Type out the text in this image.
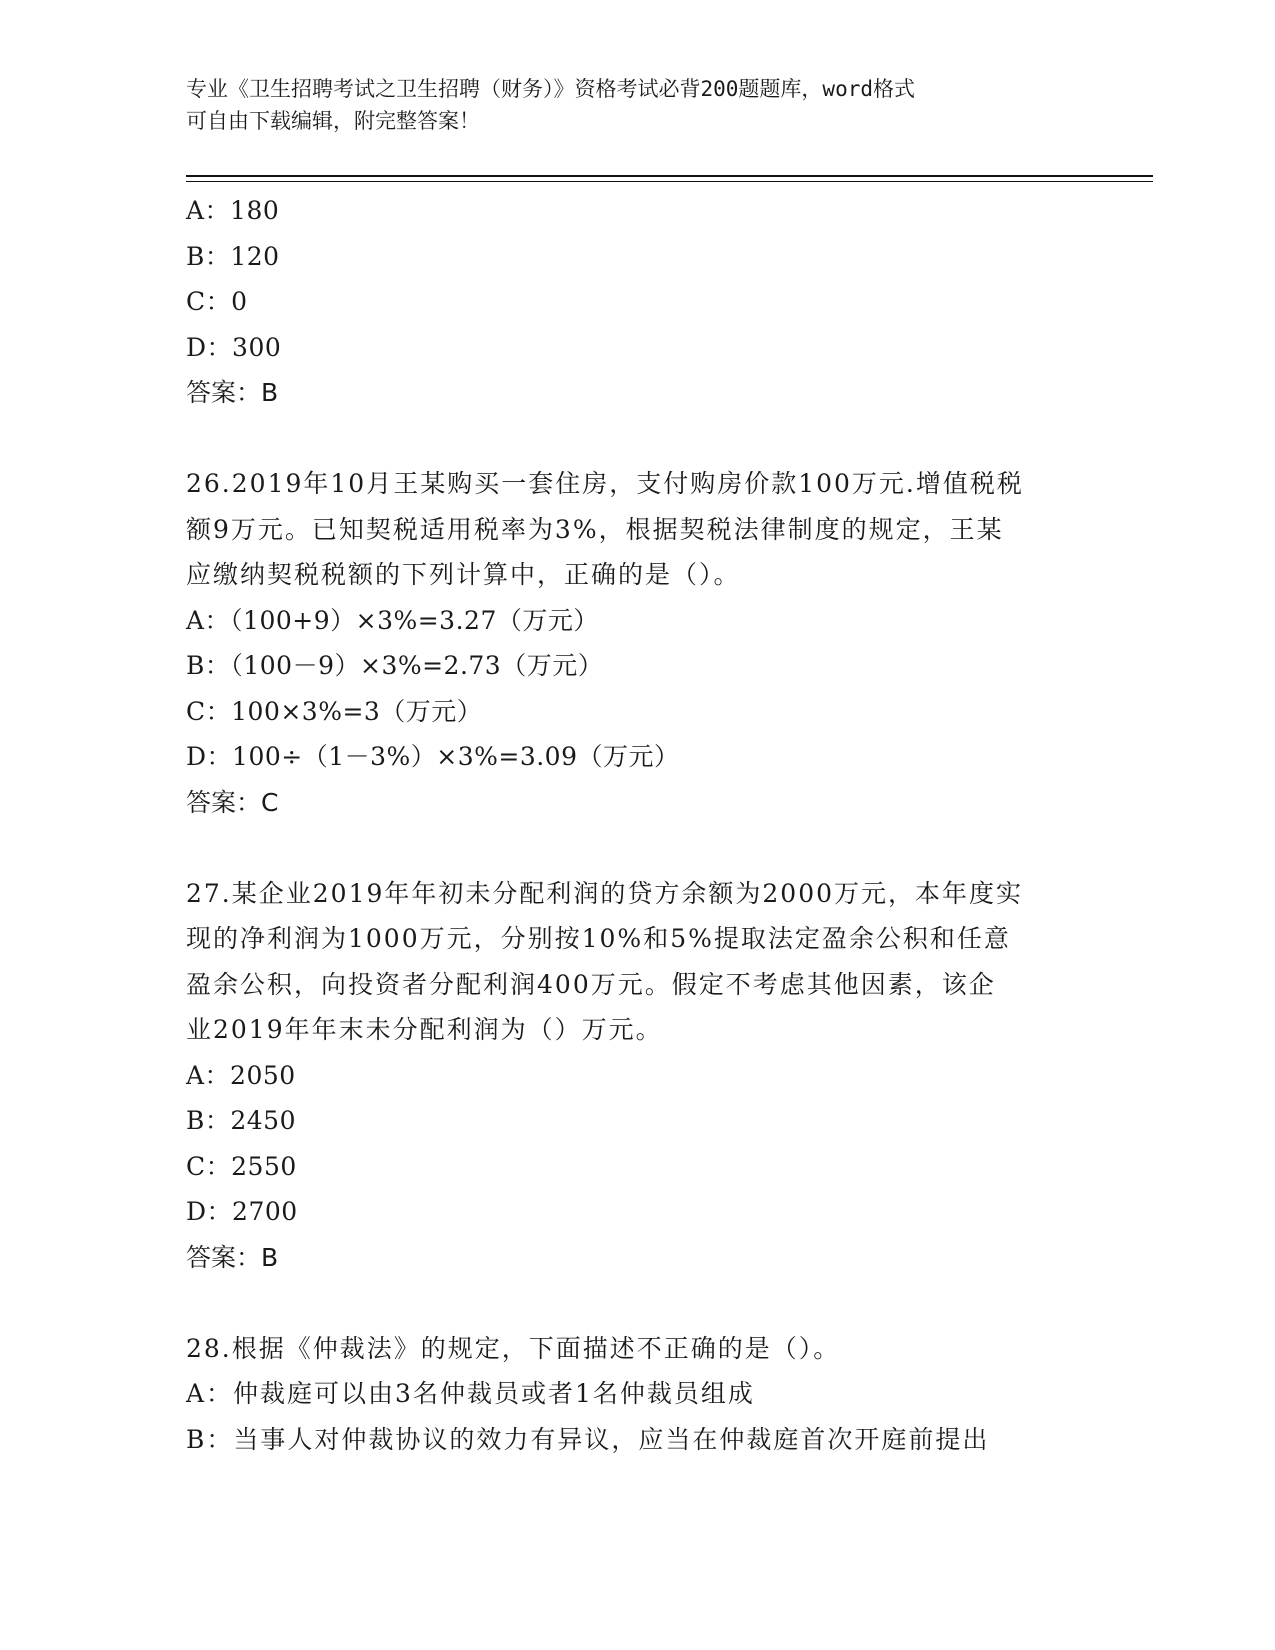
专业《卫生招聘考试之卫生招聘（财务）》资格考试必背200题题库，word格式
可自由下载编辑，附完整答案！
A：180
B：120
C：0
D：300
答案：B
26.2019年10月王某购买一套住房，支付购房价款100万元.增值税税
额9万元。已知契税适用税率为3%，根据契税法律制度的规定，王某
应缴纳契税税额的下列计算中，正确的是（）。
A：（100+9）×3%=3.27（万元）
B：（100－9）×3%=2.73（万元）
C：100×3%=3（万元）
D：100÷（1－3%）×3%=3.09（万元）
答案：C
27.某企业2019年年初未分配利润的贷方余额为2000万元，本年度实
现的净利润为1000万元，分别按10%和5%提取法定盈余公积和任意
盈余公积，向投资者分配利润400万元。假定不考虑其他因素，该企
业2019年年末未分配利润为（）万元。
A：2050
B：2450
C：2550
D：2700
答案：B
28.根据《仲裁法》的规定，下面描述不正确的是（）。
A：仲裁庭可以由3名仲裁员或者1名仲裁员组成
B：当事人对仲裁协议的效力有异议，应当在仲裁庭首次开庭前提出
